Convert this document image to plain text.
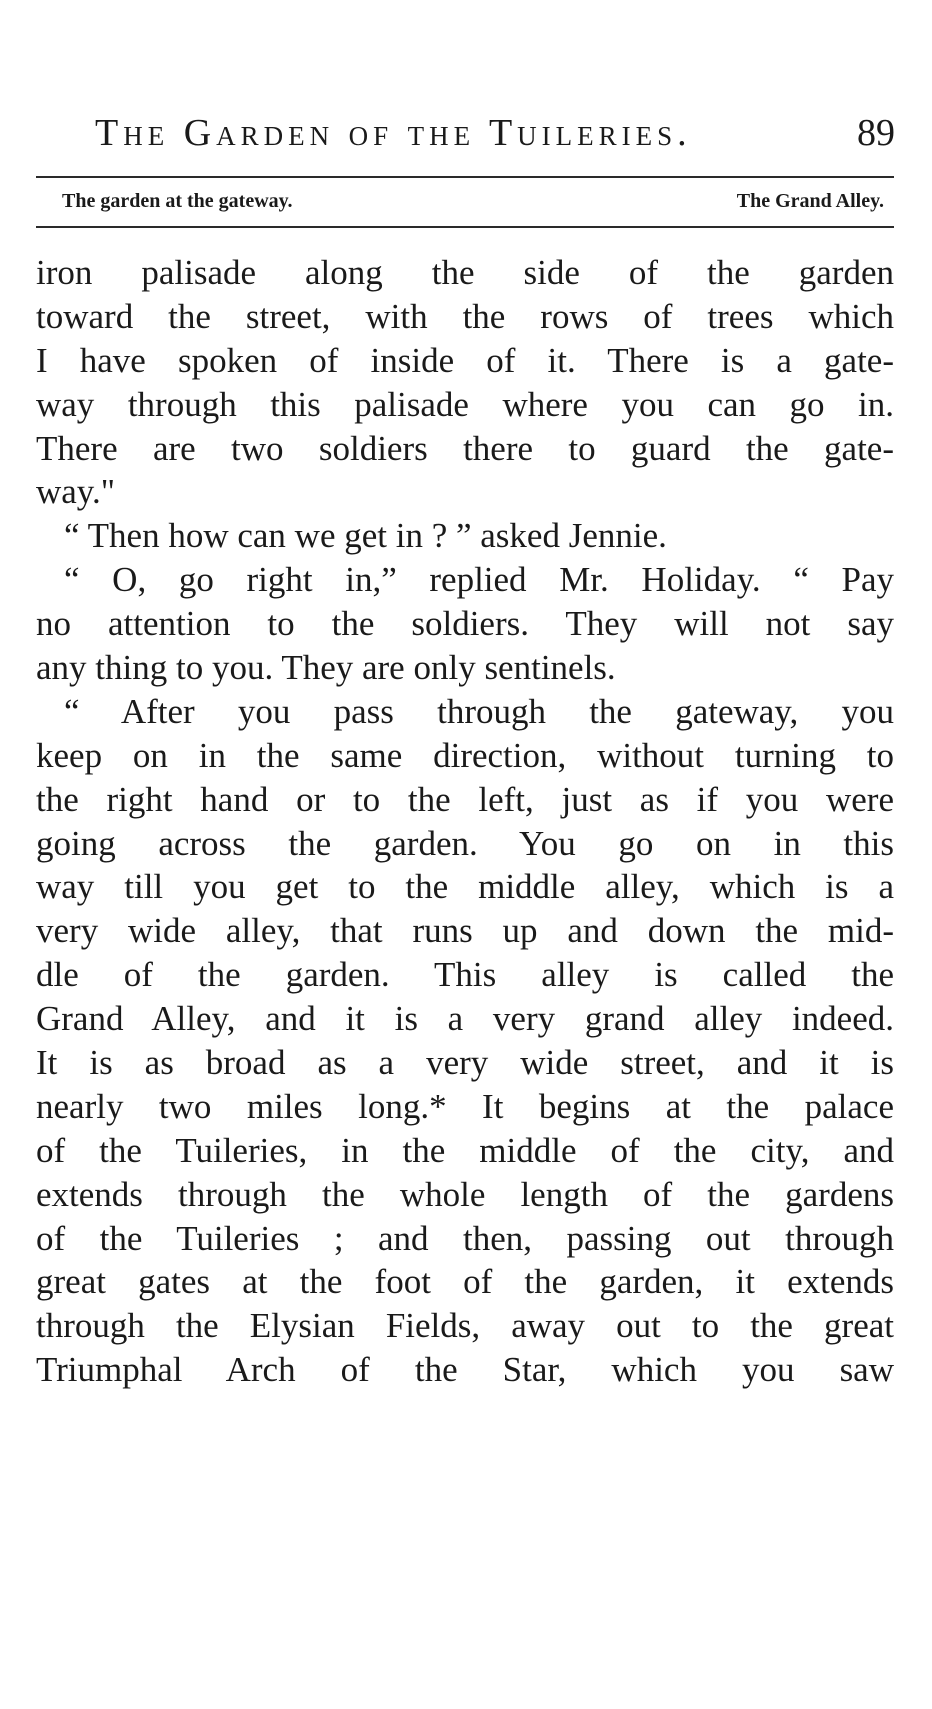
The Garden of the Tuileries.	89
The garden at the gateway.	The Grand Alley.
iron palisade along the side of the garden
toward the street, with the rows of trees which
I have spoken of inside of it. There is a gate-
way through this palisade where you can go in.
There are two soldiers there to guard the gate-
way."
“ Then how can we get in ? ” asked Jennie.
“ O, go right in,” replied Mr. Holiday. “ Pay
no attention to the soldiers. They will not say
any thing to you. They are only sentinels.
“ After you pass through the gateway, you
keep on in the same direction, without turning to
the right hand or to the left, just as if you were
going across the garden. You go on in this
way till you get to the middle alley, which is a
very wide alley, that runs up and down the mid-
dle of the garden. This alley is called the
Grand Alley, and it is a very grand alley indeed.
It is as broad as a very wide street, and it is
nearly two miles long.* It begins at the palace
of the Tuileries, in the middle of the city, and
extends through the whole length of the gardens
of the Tuileries ; and then, passing out through
great gates at the foot of the garden, it extends
through the Elysian Fields, away out to the great
Triumphal Arch of the Star, which you saw
